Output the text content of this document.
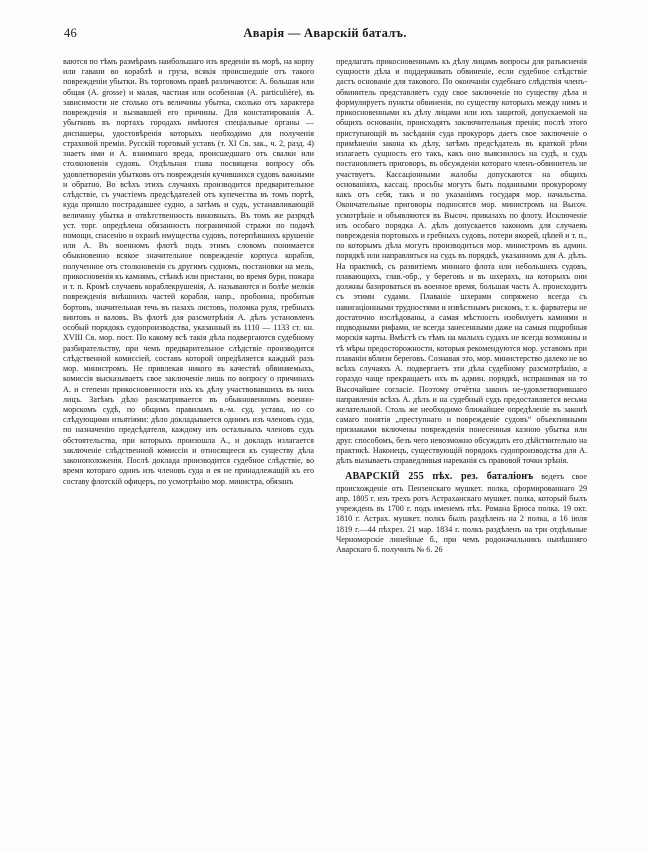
46	Аварія — Аварскій баталъ.

ваются по тѣмъ размѣрамъ наибольшаго изъ вреденіи въ морѣ, на корпу или гавани во кораблѣ и груза, всякія происшедшіе отъ такого поврежденіи убытки. Въ торговомъ правѣ различаются: А. большая или общая (A. grosse) и малая, частная или особенная (А. particulière), въ зависимости не столько отъ величины убытка, сколько отъ характера поврежденія и вызвавшей его причины. Для констатированія А. убытковъ въ портахъ городахъ имѣются спеціальные органы — диспашеры, удостовѣренія которыхъ необходимо для полученія страховой преміи. Русскій торговый уставъ (т. XI Св. зак., ч. 2, разд. 4) знаетъ ими и А. взаимнаго вреда, происшедшаго отъ свалки или столкновенія судовъ. Отдѣльная глава посвящена вопросу объ удовлетвореніи убытковъ отъ поврежденія кучившихся судовъ важными и обратно. Во всѣхъ этихъ случаяхъ производится предварительное слѣдствіе, съ участіемъ предсѣдателей отъ купечества въ томъ портѣ, куда пришло пострадавшее судно, а затѣмъ и судъ, устанавливающій величину убытка и отвѣтственность виновныхъ. Въ томъ же разрядѣ уст. торг. опредѣлена обязанность пограничной стражи по подачѣ помощи, спасенію и охранѣ имущества судовъ, потерпѣвшихъ крушеніе или А. Въ военномъ флотѣ подъ этимъ словомъ понимается обыкновенно всякое значительное поврежденіе корпуса корабля, полученное отъ столкновенія съ другимъ судномъ, постановки на мель, прикосновенія къ камнямъ, стѣнкѣ или пристани, во время бури, пожара и т. п. Кромѣ случаевъ кораблекрушенія, А. называются и болѣе мелкія поврежденія внѣшнихъ частей корабля, напр., пробоина, пробитыя бортовъ, значительная течь въ пазахъ листовъ, поломка руля, гребныхъ винтовъ и валовъ. Въ флотѣ для разсмотрѣнія А. дѣлъ установленъ особый порядокъ судопроизводства, указанный въ 1110 — 1133 ст. кн. XVIII Св. мор. пост. По какому всѣ такія дѣла подвергаются судебному разбирательству, при чемъ предварительное слѣдствіе производится слѣдственной комиссіей, составъ которой опредѣляется каждый разъ мор. министромъ. Не привлекая никого въ качествѣ обвиняемыхъ, комиссія высказываетъ свое заключеніе лишь по вопросу о причинахъ А. и степени прикосновенности ихъ къ дѣлу участвовавшихъ въ нихъ лицъ. Затѣмъ дѣло разсматривается въ обыкновенномъ военно-морскомъ судѣ, по общимъ правиламъ в.-м. суд. устава, но со слѣдующими изъятіями: дѣло докладывается однимъ изъ членовъ суда, по назначенію предсѣдателя, каждому изъ остальныхъ членовъ судъ обстоятельства, при которыхъ произошла А., и докладъ излагается заключеніе слѣдственной комиссіи и относящееся къ существу дѣла законоположенія. Послѣ доклада производится судебное слѣдствіе, во время котораго одинъ изъ членовъ суда и ея не принадлежащій къ его составу флотскій офицеръ, по усмотрѣнію мор. министра, обязанъ

предлагать прикосновеннымъ къ дѣлу лицамъ вопросы для разъясненія сущности дѣла и поддерживать обвиненіе, если судебное слѣдствіе дастъ основаніе для такового. По окончаніи судебнаго слѣдствія членъ-обвинитель представляетъ суду свое заключеніе по существу дѣла и формулируетъ пункты обвиненія, по существу которыхъ между нимъ и прикосновенными къ дѣлу лицами или ихъ защитой, допускаемой на общихъ основаніи, происходятъ заключительныя пренія; послѣ этого приступающій въ засѣданія суда прокуроръ даетъ свое заключеніе о примѣненіи закона къ дѣлу, затѣмъ предсѣдатель въ краткой рѣчи излагаетъ сущность его такъ, какъ оно выяснилось на судѣ, и судъ постановляетъ приговоръ, въ обсужденіи котораго членъ-обвинитель не участвуетъ. Кассаціонными жалобы допускаются на общихъ основаніяхъ, кассац. просьбы могутъ быть поданными прокуророму какъ отъ себя, такъ и по указаніямъ государя мор. начальства. Окончательные приговоры подносятся мор. министромъ на Высоч. усмотрѣніе и объявляются въ Высоч. приказахъ по флоту. Исключеніе изъ особаго порядка А. дѣлъ допускается закономъ для случаевъ поврежденія портовыхъ и гребныхъ судовъ, потери якорей, цѣпей и т. п., по которымъ дѣла могутъ производиться мор. министромъ въ админ. порядкѣ или направляться на судъ въ порядкѣ, указанномъ для А. дѣлъ. На практикѣ, съ развитіемъ миннаго флота или небольшихъ судовъ, плавающихъ, глав.-обр., у береговъ и въ шхерахъ, на которыхъ они должны базироваться въ военное время, большая часть А. происходитъ съ этими судами. Плаваніе шхерами сопряжено всегда съ навигаціонными трудностями и извѣстнымъ рискомъ, т. к. фарватеры не достаточно изслѣдованы, а самая мѣстность изобилуетъ камнями и подводными рифами, не всегда занесенными даже на самыя подробныя морскія карты. Вмѣстѣ съ тѣмъ на малыхъ судахъ не всегда возможны и тѣ мѣры предосторожности, которыя рекомендуются мор. уставомъ при плаваніи вблизи береговъ. Сознавая это, мор. министерство далеко не во всѣхъ случаяхъ А. подвергаетъ эти дѣла судебному разсмотрѣнію, а гораздо чаще прекращаетъ ихъ въ админ. порядкѣ, испрашивая на то Высочайшее согласіе. Поэтому отчётна законъ не-удовлетворившаго направленія всѣхъ А. дѣлъ и на судебный судъ предоставляется весьма желательной. Столь же необходимо ближайшее опредѣленіе въ законѣ самаго понятія „преступнаго и поврежденіе судовъ“ объективными признаками включены поврежденія понесенныя казною убытка или друг. способомъ, безъ чего невозможно обсуждать его дѣйствительно на практикѣ. Наконецъ, существующій порядокъ судопроизводства для А. дѣлъ вызываетъ справедливыя нареканія съ правовой точки зрѣнія.

АВАРСКІЙ 255 пѣх. рез. баталіонъ ведетъ свое происхожденіе отъ Пензенскаго мушкет. полка, сформированнаго 29 апр. 1805 г. изъ трехъ ротъ Астраханскаго мушкет. полка, который былъ учрежденъ въ 1700 г. подъ именемъ пѣх. Романа Брюса полка. 19 окт. 1810 г. Астрах. мушкет. полкъ былъ раздѣленъ на 2 полка, а 16 іюля 1819 г.—44 пѣхрез. 21 мар. 1834 г. полкъ раздѣленъ на три отдѣльные Черноморскіе линейные б., при чемъ родоначальникъ нынѣшняго Аварскаго б. получилъ № 6. 26
